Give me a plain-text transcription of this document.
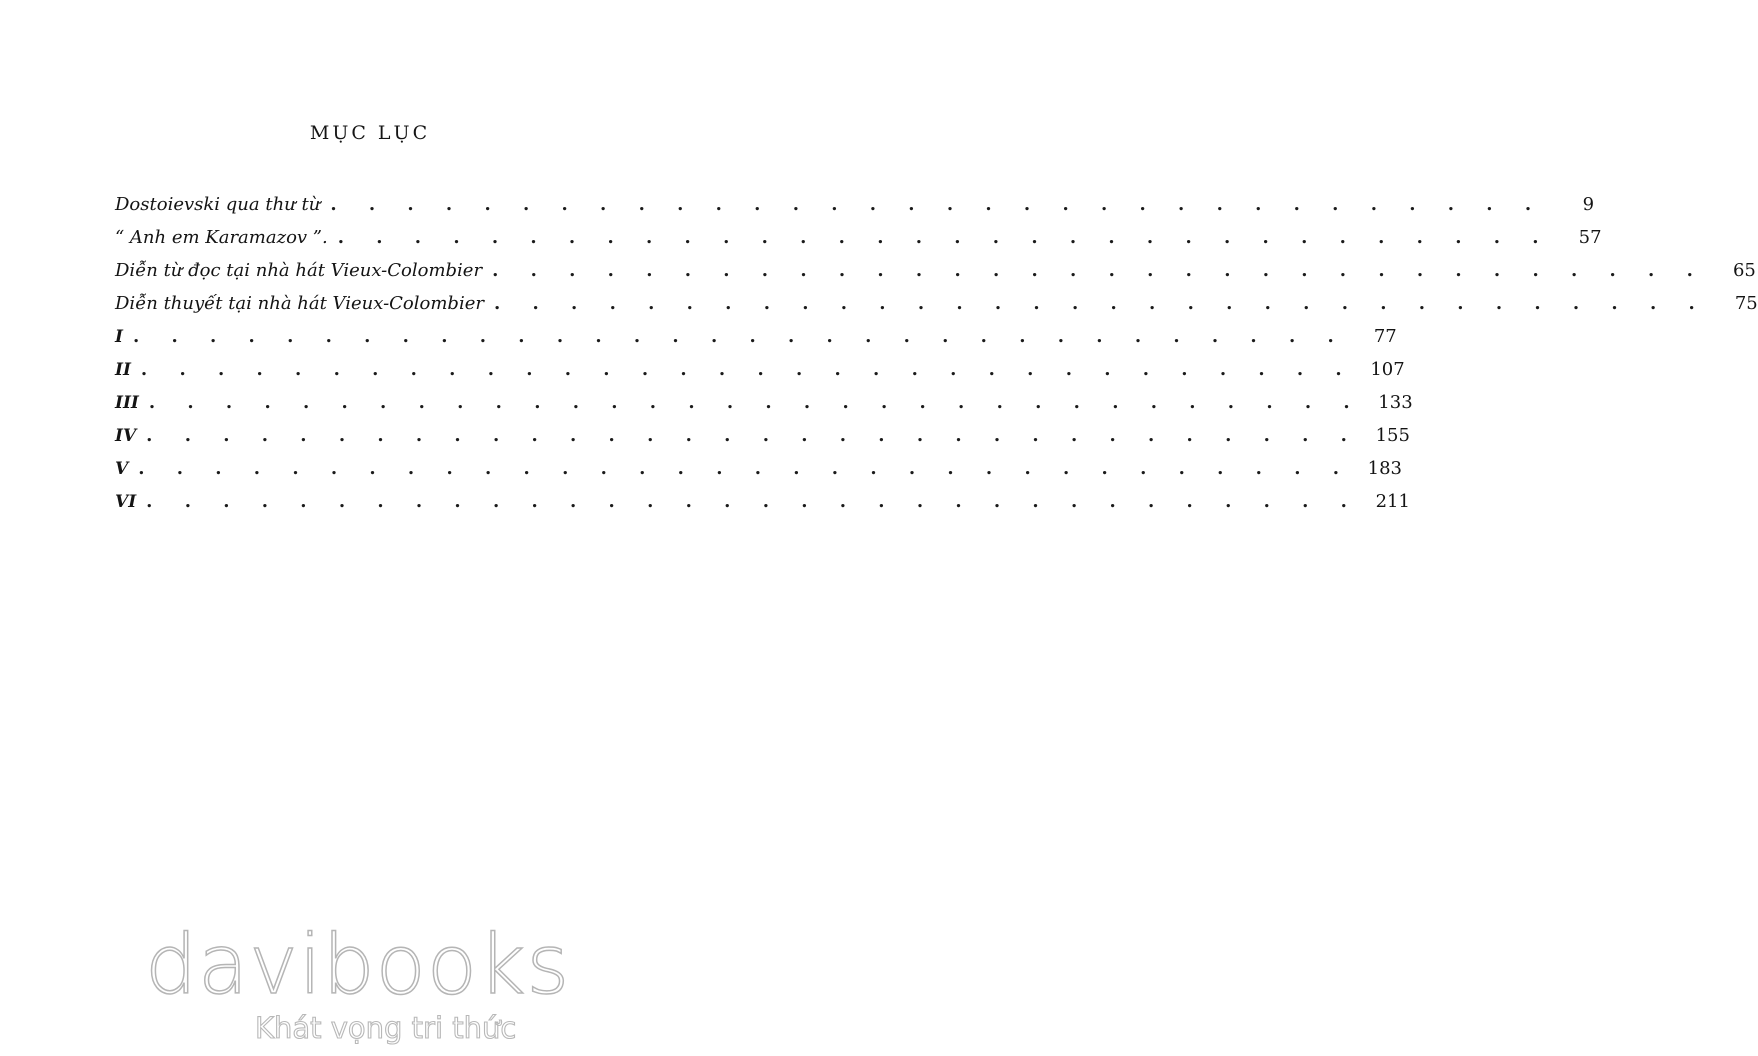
MỤC LỤC
Dostoievski qua thư từ . . . . . . . . . . . . . . . . . . . . . . . . . . . . . . . .	9
“ Anh em Karamazov ”. . . . . . . . . . . . . . . . . . . . . . . . . . . . . . . . .	57
Diễn từ đọc tại nhà hát Vieux-Colombier . . . . . . . . . . . . . . . . . . . . . . . . . . . . . . . .	65
Diễn thuyết tại nhà hát Vieux-Colombier . . . . . . . . . . . . . . . . . . . . . . . . . . . . . . . .	75
I . . . . . . . . . . . . . . . . . . . . . . . . . . . . . . . .	77
II . . . . . . . . . . . . . . . . . . . . . . . . . . . . . . . . 107
III . . . . . . . . . . . . . . . . . . . . . . . . . . . . . . . . 133
IV . . . . . . . . . . . . . . . . . . . . . . . . . . . . . . . . 155
V . . . . . . . . . . . . . . . . . . . . . . . . . . . . . . . . 183
VI . . . . . . . . . . . . . . . . . . . . . . . . . . . . . . . . 211
davibooks
Khát vọng tri thức
